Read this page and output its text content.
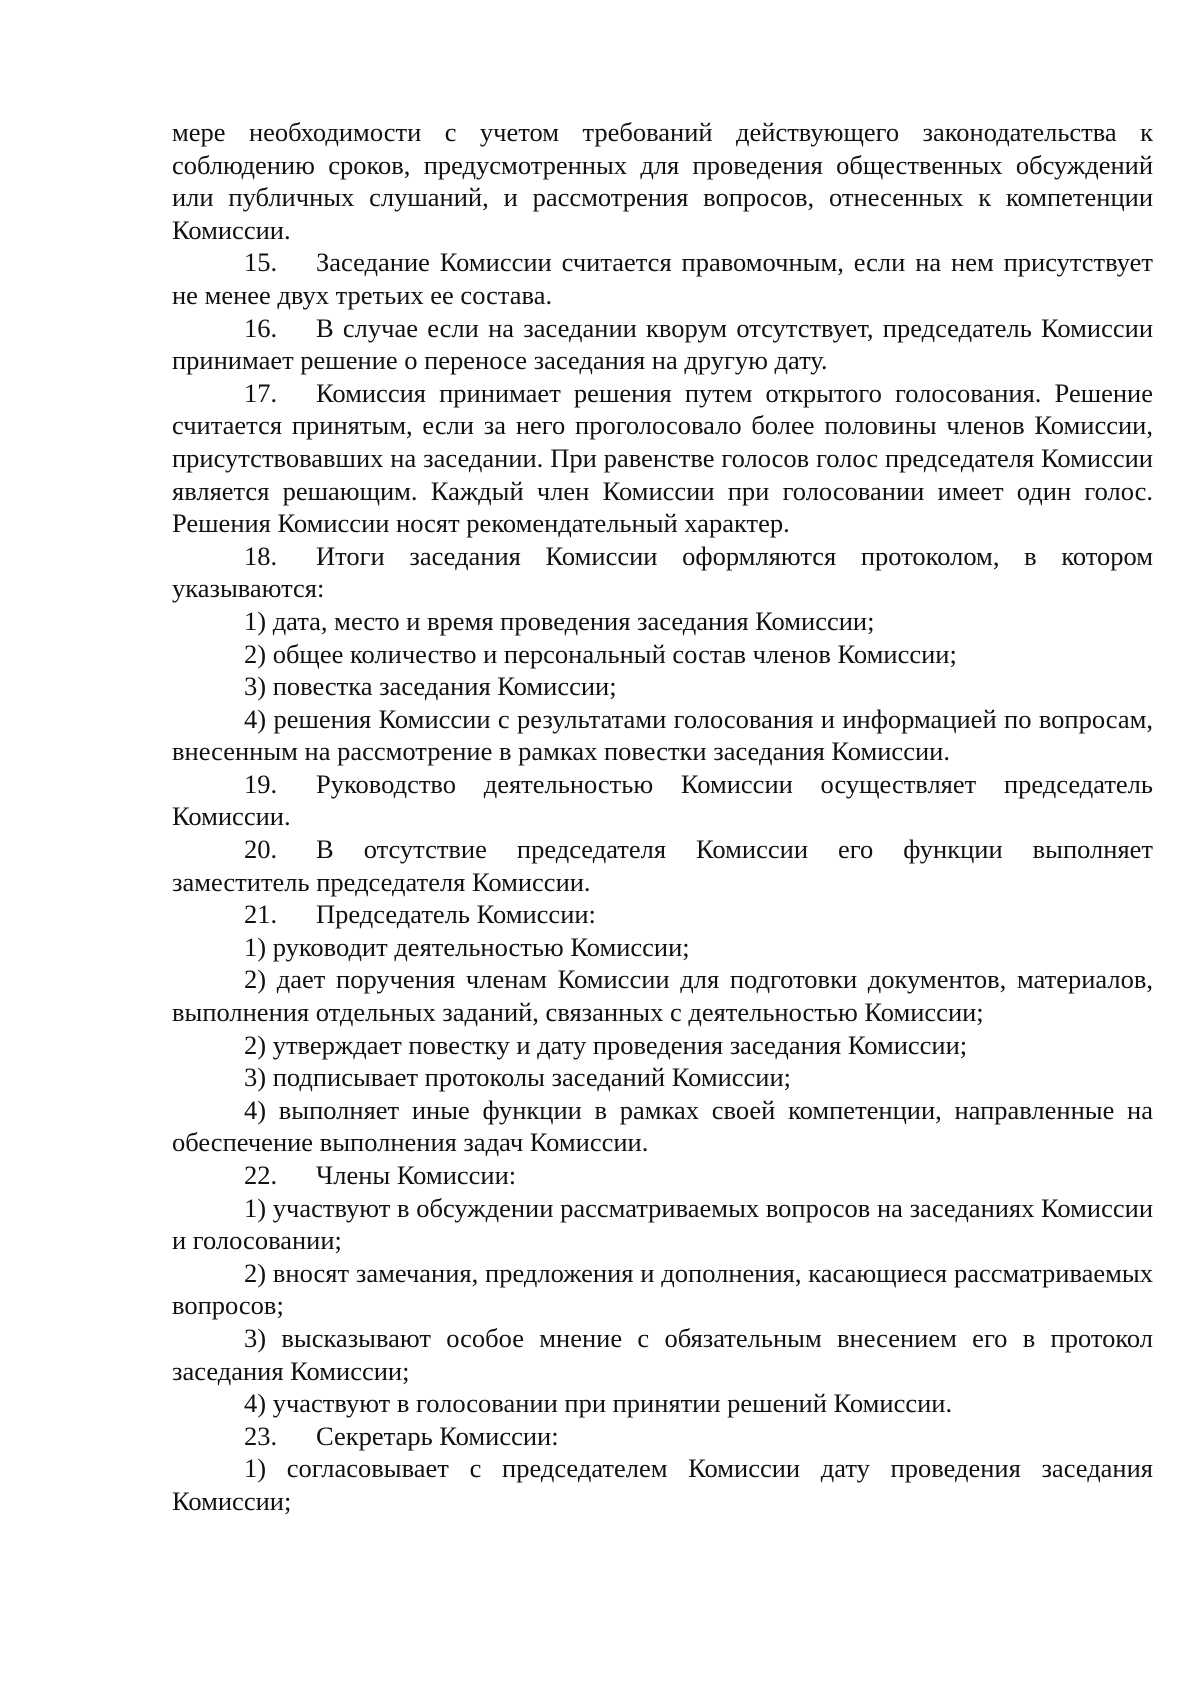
мере необходимости с учетом требований действующего законодательства к соблюдению сроков, предусмотренных для проведения общественных обсуждений или публичных слушаний, и рассмотрения вопросов, отнесенных к компетенции Комиссии.

15. Заседание Комиссии считается правомочным, если на нем присутствует не менее двух третьих ее состава.

16. В случае если на заседании кворум отсутствует, председатель Комиссии принимает решение о переносе заседания на другую дату.

17. Комиссия принимает решения путем открытого голосования. Решение считается принятым, если за него проголосовало более половины членов Комиссии, присутствовавших на заседании. При равенстве голосов голос председателя Комиссии является решающим. Каждый член Комиссии при голосовании имеет один голос. Решения Комиссии носят рекомендательный характер.

18. Итоги заседания Комиссии оформляются протоколом, в котором указываются:

1) дата, место и время проведения заседания Комиссии;

2) общее количество и персональный состав членов Комиссии;

3) повестка заседания Комиссии;

4) решения Комиссии с результатами голосования и информацией по вопросам, внесенным на рассмотрение в рамках повестки заседания Комиссии.

19. Руководство деятельностью Комиссии осуществляет председатель Комиссии.

20. В отсутствие председателя Комиссии его функции выполняет заместитель председателя Комиссии.

21. Председатель Комиссии:

1) руководит деятельностью Комиссии;

2) дает поручения членам Комиссии для подготовки документов, материалов, выполнения отдельных заданий, связанных с деятельностью Комиссии;

2) утверждает повестку и дату проведения заседания Комиссии;

3) подписывает протоколы заседаний Комиссии;

4) выполняет иные функции в рамках своей компетенции, направленные на обеспечение выполнения задач Комиссии.

22. Члены Комиссии:

1) участвуют в обсуждении рассматриваемых вопросов на заседаниях Комиссии и голосовании;

2) вносят замечания, предложения и дополнения, касающиеся рассматриваемых вопросов;

3) высказывают особое мнение с обязательным внесением его в протокол заседания Комиссии;

4) участвуют в голосовании при принятии решений Комиссии.

23. Секретарь Комиссии:

1) согласовывает с председателем Комиссии дату проведения заседания Комиссии;
